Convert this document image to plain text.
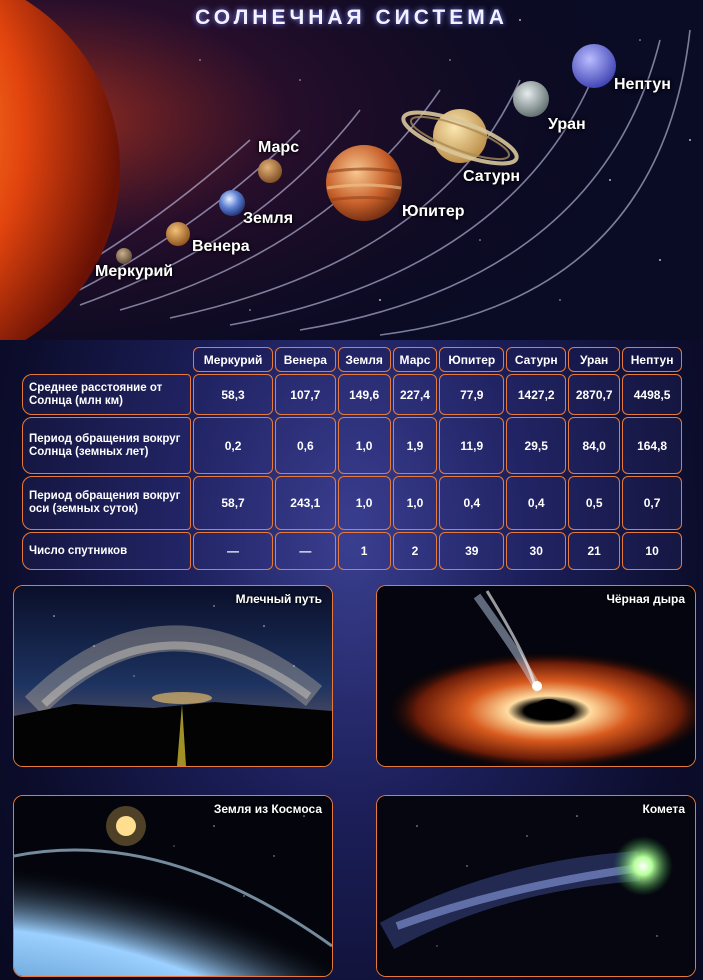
СОЛНЕЧНАЯ СИСТЕМА
Меркурий
Венера
Земля
Марс
Юпитер
Сатурн
Уран
Нептун
	Меркурий	Венера	Земля	Марс	Юпитер	Сатурн	Уран	Нептун
Среднее расстояние от Солнца (млн км)	58,3	107,7	149,6	227,4	77,9	1427,2	2870,7	4498,5
Период обращения вокруг Солнца (земных лет)	0,2	0,6	1,0	1,9	11,9	29,5	84,0	164,8
Период обращения вокруг оси (земных суток)	58,7	243,1	1,0	1,0	0,4	0,4	0,5	0,7
Число спутников	—	—	1	2	39	30	21	10
Млечный путь	Чёрная дыра
Земля из Космоса	Комета
